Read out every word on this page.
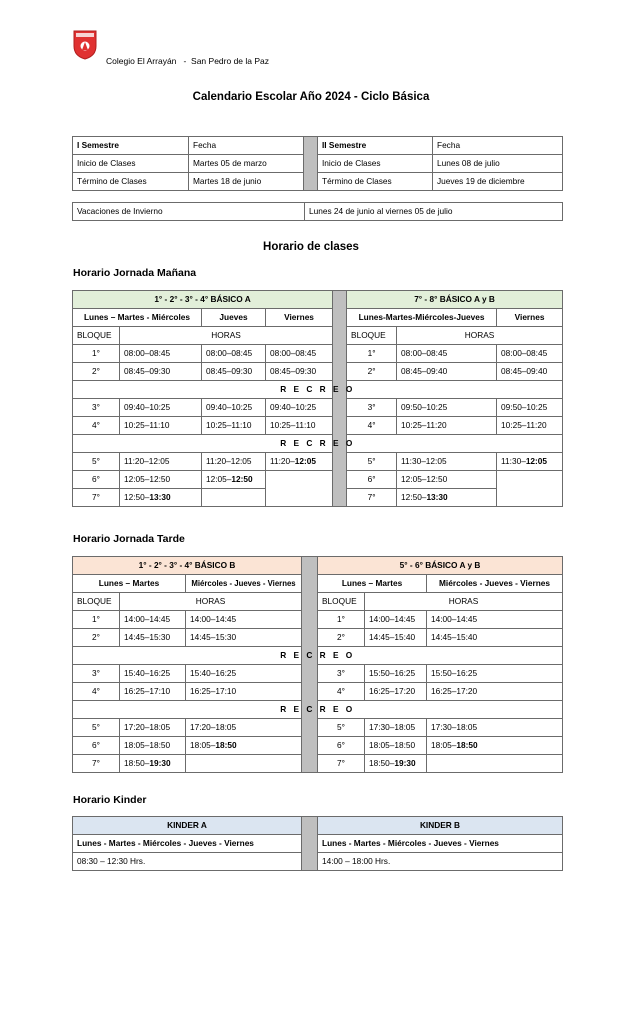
Colegio El Arrayán   -  San Pedro de la Paz
Calendario Escolar Año 2024 - Ciclo Básica
I Semestre	Fecha		II Semestre	Fecha
Inicio de Clases	Martes 05 de marzo		Inicio de Clases	Lunes 08 de julio
Término de Clases	Martes 18 de junio		Término de Clases	Jueves 19 de diciembre
Vacaciones de Invierno	Lunes 24 de junio al viernes 05 de julio
Horario de clases
Horario Jornada Mañana
1° - 2° - 3° - 4° BÁSICO A					7° - 8° BÁSICO A y B		
Lunes – Martes - Miércoles		Jueves	Viernes		Lunes-Martes-Miércoles-Jueves		Viernes
BLOQUE	HORAS				BLOQUE	HORAS	
1°	08:00–08:45	08:00–08:45	08:00–08:45		1°	08:00–08:45	08:00–08:45
2°	08:45–09:30	08:45–09:30	08:45–09:30		2°	08:45–09:40	08:45–09:40
R E C R E O							
3°	09:40–10:25	09:40–10:25	09:40–10:25		3°	09:50–10:25	09:50–10:25
4°	10:25–11:10	10:25–11:10	10:25–11:10		4°	10:25–11:20	10:25–11:20
R E C R E O							
5°	11:20–12:05	11:20–12:05	11:20–12:05		5°	11:30–12:05	11:30–12:05
6°	12:05–12:50	12:05–12:50			6°	12:05–12:50	
7°	12:50–13:30				7°	12:50–13:30	
Horario Jornada Tarde
1° - 2° - 3° - 4° BÁSICO B				5° - 6° BÁSICO A y B		
Lunes – Martes		Miércoles - Jueves - Viernes		Lunes – Martes		Miércoles - Jueves - Viernes
BLOQUE	HORAS			BLOQUE	HORAS	
1°	14:00–14:45	14:00–14:45		1°	14:00–14:45	14:00–14:45
2°	14:45–15:30	14:45–15:30		2°	14:45–15:40	14:45–15:40
R E C R E O						
3°	15:40–16:25	15:40–16:25		3°	15:50–16:25	15:50–16:25
4°	16:25–17:10	16:25–17:10		4°	16:25–17:20	16:25–17:20
R E C R E O						
5°	17:20–18:05	17:20–18:05		5°	17:30–18:05	17:30–18:05
6°	18:05–18:50	18:05–18:50		6°	18:05–18:50	18:05–18:50
7°	18:50–19:30			7°	18:50–19:30	
Horario Kinder
KINDER A		KINDER B
Lunes - Martes - Miércoles - Jueves - Viernes		Lunes - Martes - Miércoles - Jueves - Viernes
08:30 – 12:30 Hrs.		14:00 – 18:00 Hrs.
